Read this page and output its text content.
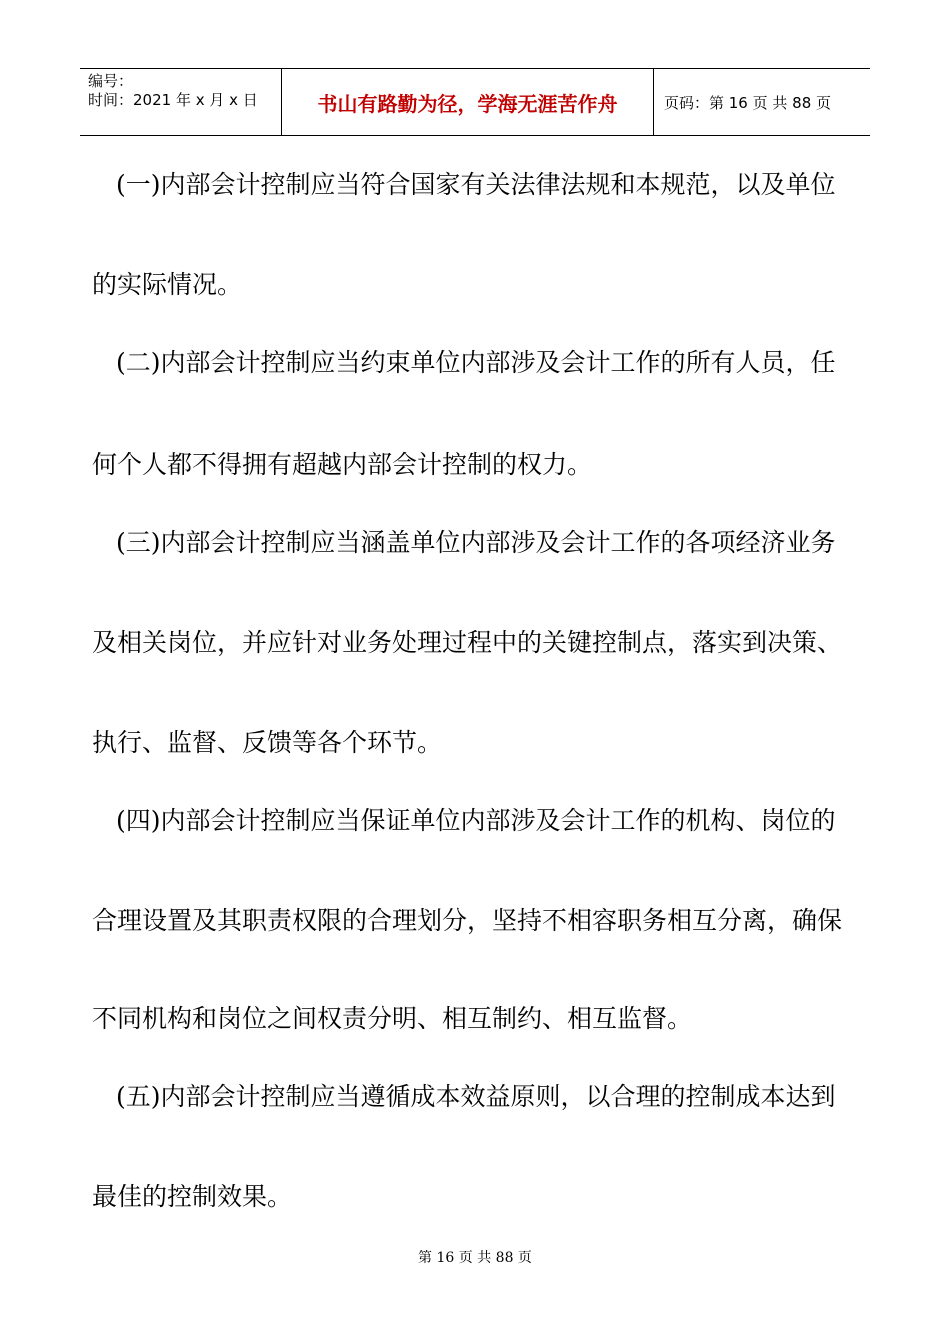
编号：
时间：2021 年 x 月 x 日	书山有路勤为径，学海无涯苦作舟	页码：第 16 页 共 88 页
(一)内部会计控制应当符合国家有关法律法规和本规范，以及单位
的实际情况。
(二)内部会计控制应当约束单位内部涉及会计工作的所有人员，任
何个人都不得拥有超越内部会计控制的权力。
(三)内部会计控制应当涵盖单位内部涉及会计工作的各项经济业务
及相关岗位，并应针对业务处理过程中的关键控制点，落实到决策、
执行、监督、反馈等各个环节。
(四)内部会计控制应当保证单位内部涉及会计工作的机构、岗位的
合理设置及其职责权限的合理划分，坚持不相容职务相互分离，确保
不同机构和岗位之间权责分明、相互制约、相互监督。
(五)内部会计控制应当遵循成本效益原则，以合理的控制成本达到
最佳的控制效果。
第 16 页 共 88 页
